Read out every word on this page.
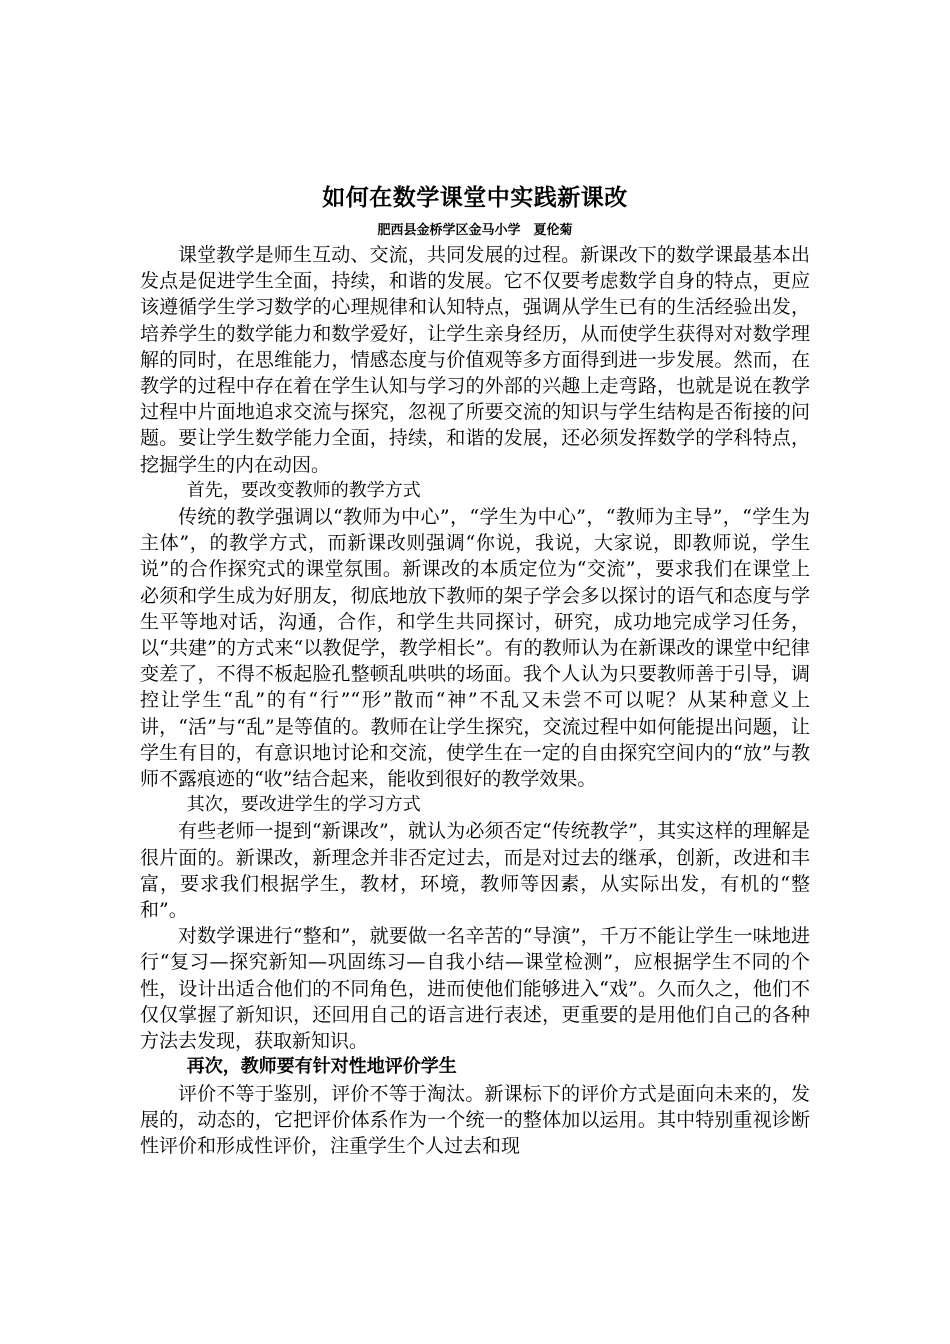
如何在数学课堂中实践新课改

肥西县金桥学区金马小学　夏伦菊

课堂教学是师生互动、交流，共同发展的过程。新课改下的数学课最基本出发点是促进学生全面，持续，和谐的发展。它不仅要考虑数学自身的特点，更应该遵循学生学习数学的心理规律和认知特点，强调从学生已有的生活经验出发，培养学生的数学能力和数学爱好，让学生亲身经历，从而使学生获得对对数学理解的同时，在思维能力，情感态度与价值观等多方面得到进一步发展。然而，在教学的过程中存在着在学生认知与学习的外部的兴趣上走弯路，也就是说在教学过程中片面地追求交流与探究，忽视了所要交流的知识与学生结构是否衔接的问题。要让学生数学能力全面，持续，和谐的发展，还必须发挥数学的学科特点，挖掘学生的内在动因。

首先，要改变教师的教学方式

传统的教学强调以“教师为中心”，“学生为中心”，“教师为主导”，“学生为主体”，的教学方式，而新课改则强调“你说，我说，大家说，即教师说，学生说”的合作探究式的课堂氛围。新课改的本质定位为“交流”，要求我们在课堂上必须和学生成为好朋友，彻底地放下教师的架子学会多以探讨的语气和态度与学生平等地对话，沟通，合作，和学生共同探讨，研究，成功地完成学习任务，以“共建”的方式来“以教促学，教学相长”。有的教师认为在新课改的课堂中纪律变差了，不得不板起脸孔整顿乱哄哄的场面。我个人认为只要教师善于引导，调控让学生“乱”的有“行”“形”散而“神”不乱又未尝不可以呢？从某种意义上讲，“活”与“乱”是等值的。教师在让学生探究，交流过程中如何能提出问题，让学生有目的，有意识地讨论和交流，使学生在一定的自由探究空间内的“放”与教师不露痕迹的“收”结合起来，能收到很好的教学效果。

其次，要改进学生的学习方式

有些老师一提到“新课改”，就认为必须否定“传统教学”，其实这样的理解是很片面的。新课改，新理念并非否定过去，而是对过去的继承，创新，改进和丰富，要求我们根据学生，教材，环境，教师等因素，从实际出发，有机的“整和”。

对数学课进行“整和”，就要做一名辛苦的“导演”，千万不能让学生一味地进行“复习—探究新知—巩固练习—自我小结—课堂检测”，应根据学生不同的个性，设计出适合他们的不同角色，进而使他们能够进入“戏”。久而久之，他们不仅仅掌握了新知识，还回用自己的语言进行表述，更重要的是用他们自己的各种方法去发现，获取新知识。

再次，教师要有针对性地评价学生

评价不等于鉴别，评价不等于淘汰。新课标下的评价方式是面向未来的，发展的，动态的，它把评价体系作为一个统一的整体加以运用。其中特别重视诊断性评价和形成性评价，注重学生个人过去和现
